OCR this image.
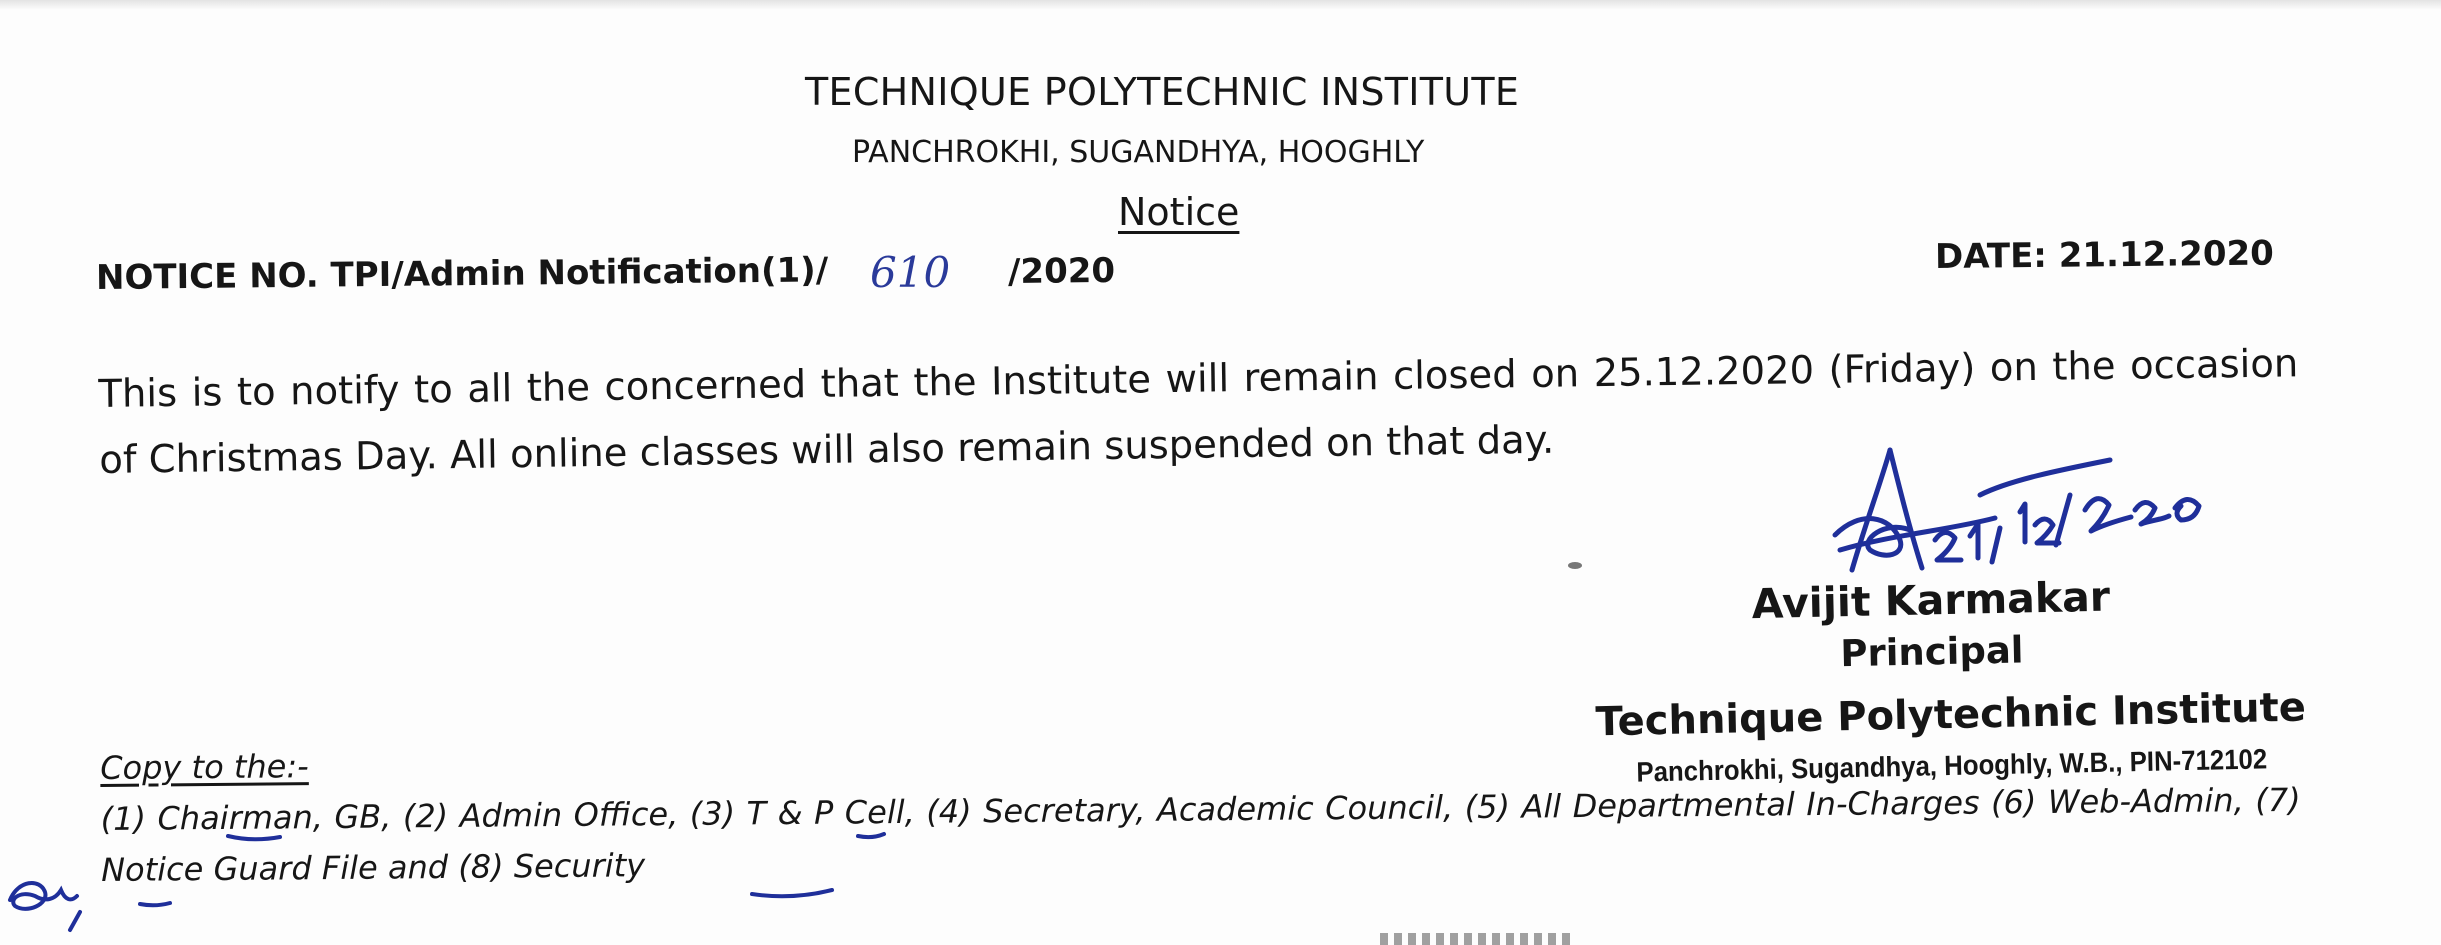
TECHNIQUE POLYTECHNIC INSTITUTE
PANCHROKHI, SUGANDHYA, HOOGHLY
Notice
NOTICE NO. TPI/Admin Notification(1)/ 610 /2020	DATE: 21.12.2020
This is to notify to all the concerned that the Institute will remain closed on 25.12.2020 (Friday) on the occasion of Christmas Day. All online classes will also remain suspended on that day.
Avijit Karmakar
Principal
Technique Polytechnic Institute
Panchrokhi, Sugandhya, Hooghly, W.B., PIN-712102
Copy to the:-
(1) Chairman, GB, (2) Admin Office, (3) T & P Cell, (4) Secretary, Academic Council, (5) All Departmental In-Charges (6) Web-Admin, (7) Notice Guard File and (8) Security
